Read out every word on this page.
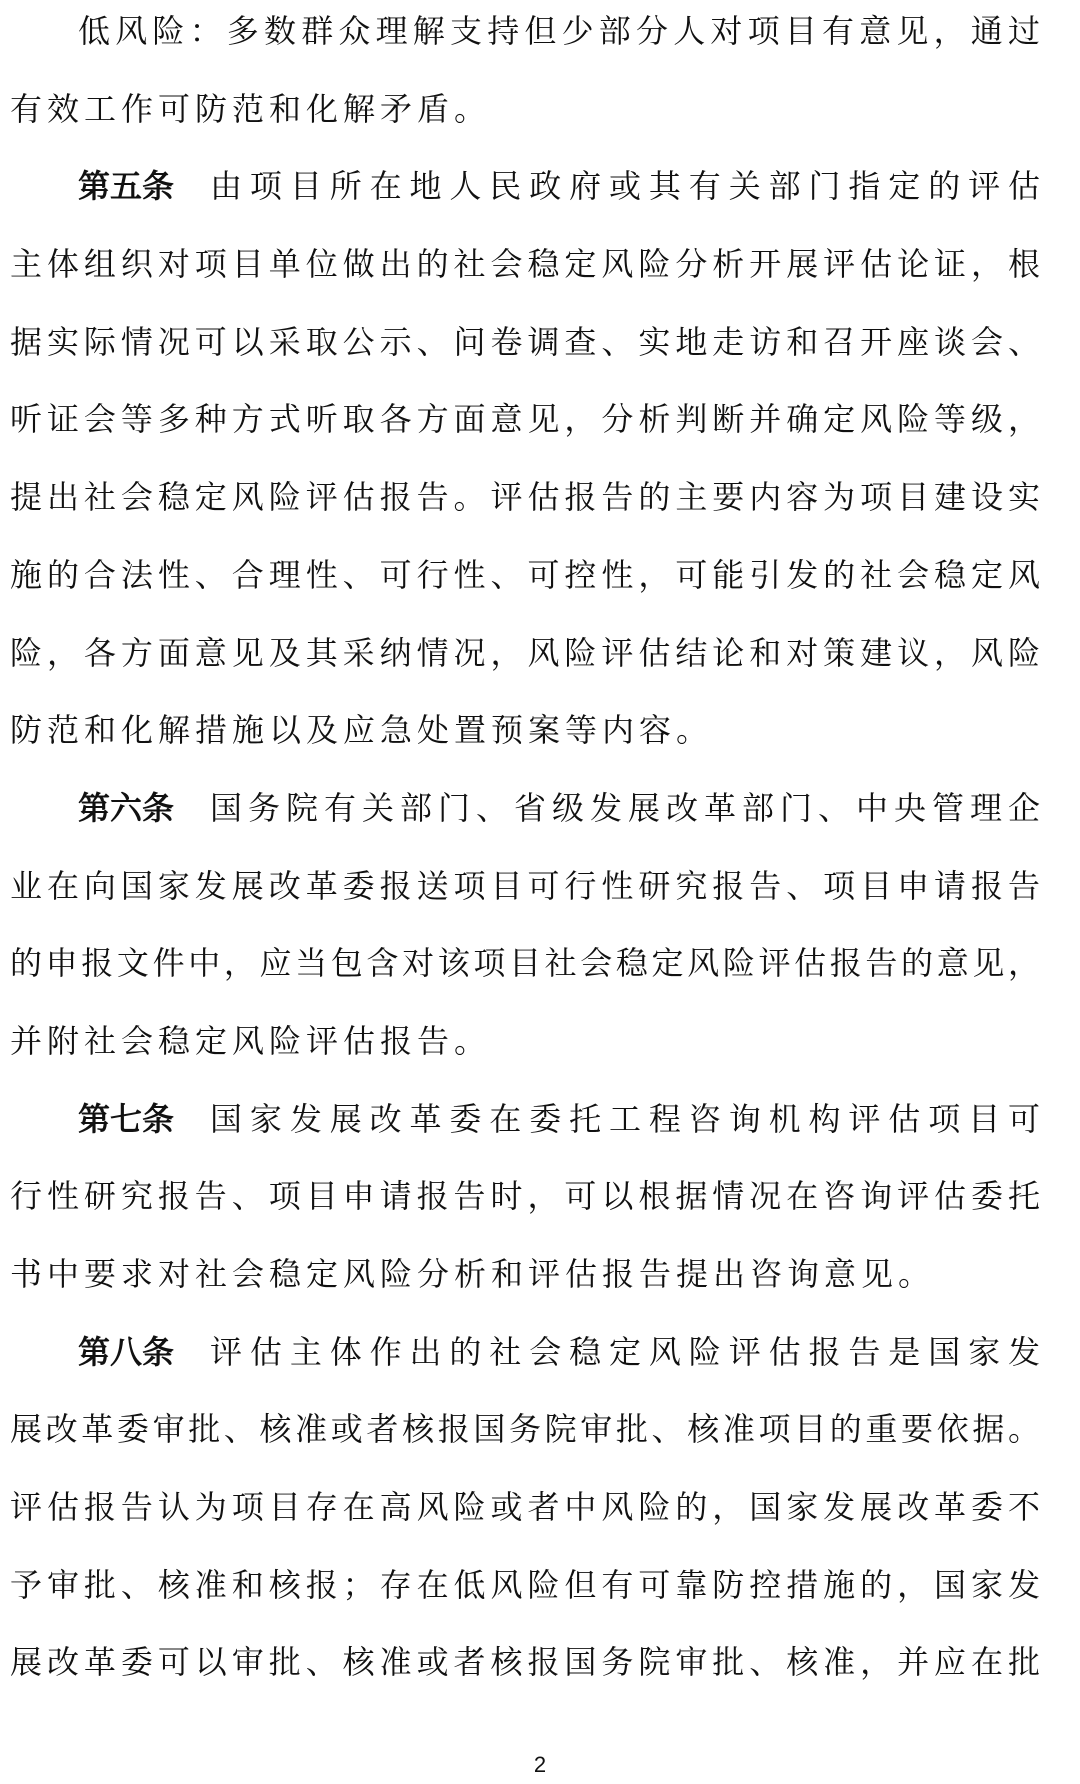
低风险：多数群众理解支持但少部分人对项目有意见，通过
有效工作可防范和化解矛盾。
第五条 由项目所在地人民政府或其有关部门指定的评估
主体组织对项目单位做出的社会稳定风险分析开展评估论证，根
据实际情况可以采取公示、问卷调查、实地走访和召开座谈会、
听证会等多种方式听取各方面意见，分析判断并确定风险等级，
提出社会稳定风险评估报告。评估报告的主要内容为项目建设实
施的合法性、合理性、可行性、可控性，可能引发的社会稳定风
险，各方面意见及其采纳情况，风险评估结论和对策建议，风险
防范和化解措施以及应急处置预案等内容。
第六条 国务院有关部门、省级发展改革部门、中央管理企
业在向国家发展改革委报送项目可行性研究报告、项目申请报告
的申报文件中，应当包含对该项目社会稳定风险评估报告的意见，
并附社会稳定风险评估报告。
第七条 国家发展改革委在委托工程咨询机构评估项目可
行性研究报告、项目申请报告时，可以根据情况在咨询评估委托
书中要求对社会稳定风险分析和评估报告提出咨询意见。
第八条 评估主体作出的社会稳定风险评估报告是国家发
展改革委审批、核准或者核报国务院审批、核准项目的重要依据。
评估报告认为项目存在高风险或者中风险的，国家发展改革委不
予审批、核准和核报；存在低风险但有可靠防控措施的，国家发
展改革委可以审批、核准或者核报国务院审批、核准，并应在批
2
